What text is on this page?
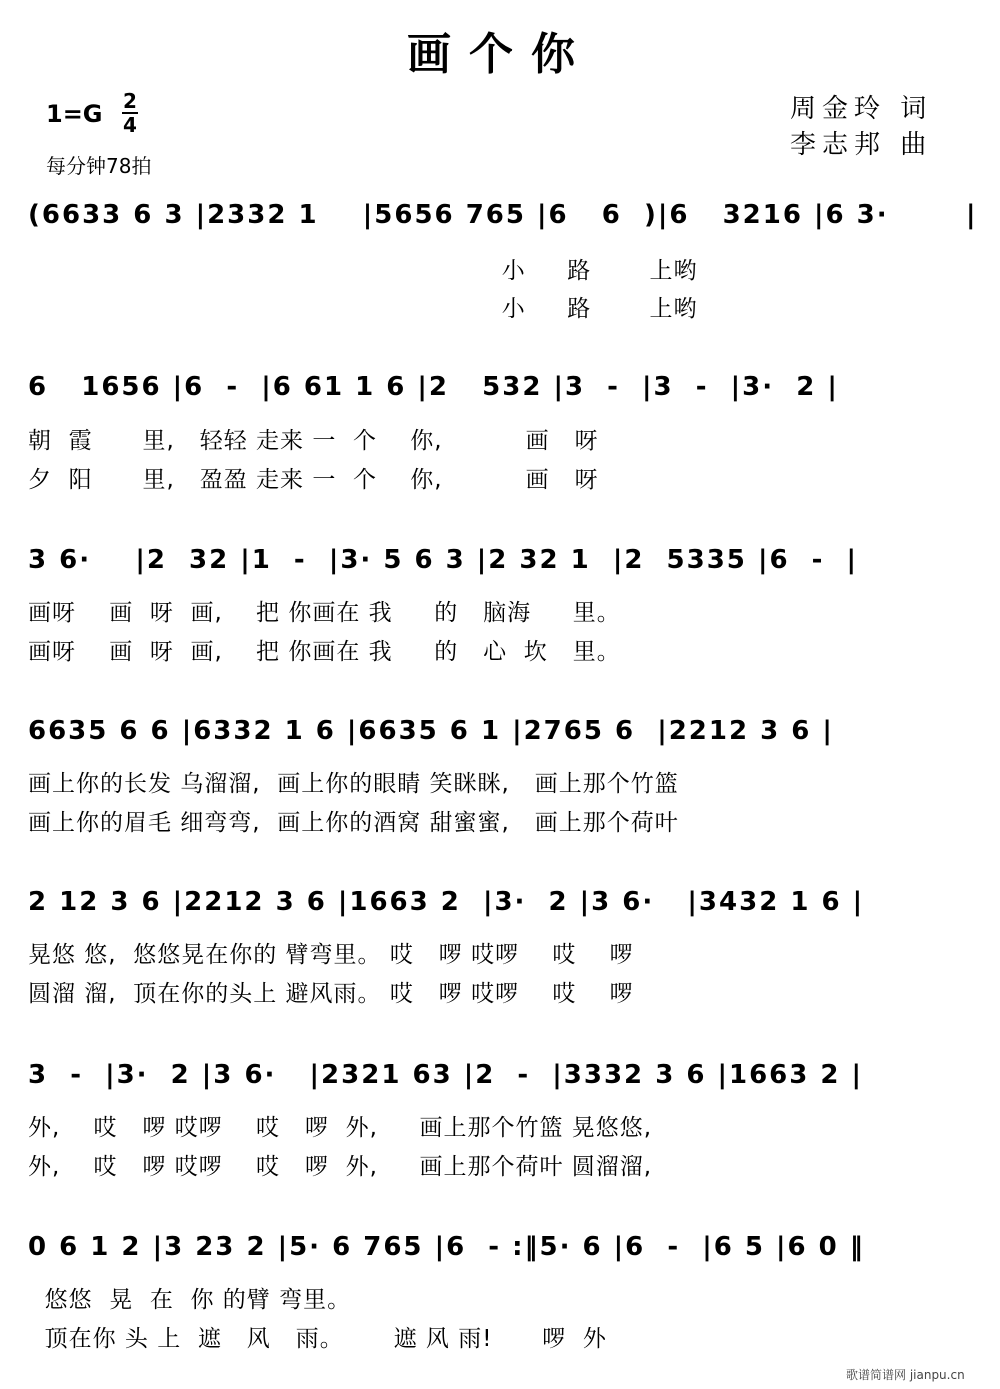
画个你
1=G 2
4
每分钟78拍
周金玲 词
李志邦 曲
(6633 6 3 |2332 1    |5656 765 |6   6  )|6   3216 |6 3·       |
小     路       上哟
小     路       上哟
6   1656 |6  -  |6 61 1 6 |2   532 |3  -  |3  -  |3·  2 |
朝  霞      里,   轻轻 走来 一  个    你,          画   呀
夕  阳      里,   盈盈 走来 一  个    你,          画   呀
3 6·    |2  32 |1  -  |3· 5 6 3 |2 32 1  |2  5335 |6  -  |
画呀    画  呀  画,    把 你画在 我     的   脑海     里。
画呀    画  呀  画,    把 你画在 我     的   心  坎   里。
6635 6 6 |6332 1 6 |6635 6 1 |2765 6  |2212 3 6 |
画上你的长发 乌溜溜,  画上你的眼睛 笑眯眯,   画上那个竹篮
画上你的眉毛 细弯弯,  画上你的酒窝 甜蜜蜜,   画上那个荷叶
2 12 3 6 |2212 3 6 |1663 2  |3·  2 |3 6·   |3432 1 6 |
晃悠 悠,  悠悠晃在你的 臂弯里。 哎   啰 哎啰    哎    啰
圆溜 溜,  顶在你的头上 避风雨。 哎   啰 哎啰    哎    啰
3  -  |3·  2 |3 6·   |2321 63 |2  -  |3332 3 6 |1663 2 |
外,    哎   啰 哎啰    哎   啰  外,     画上那个竹篮 晃悠悠,
外,    哎   啰 哎啰    哎   啰  外,     画上那个荷叶 圆溜溜,
0 6 1 2 |3 23 2 |5· 6 765 |6  - :‖5· 6 |6  -  |6 5 |6 0 ‖
悠悠  晃  在  你 的臂 弯里。
顶在你 头 上  遮   风   雨。      遮 风 雨!      啰  外
歌谱简谱网 jianpu.cn
